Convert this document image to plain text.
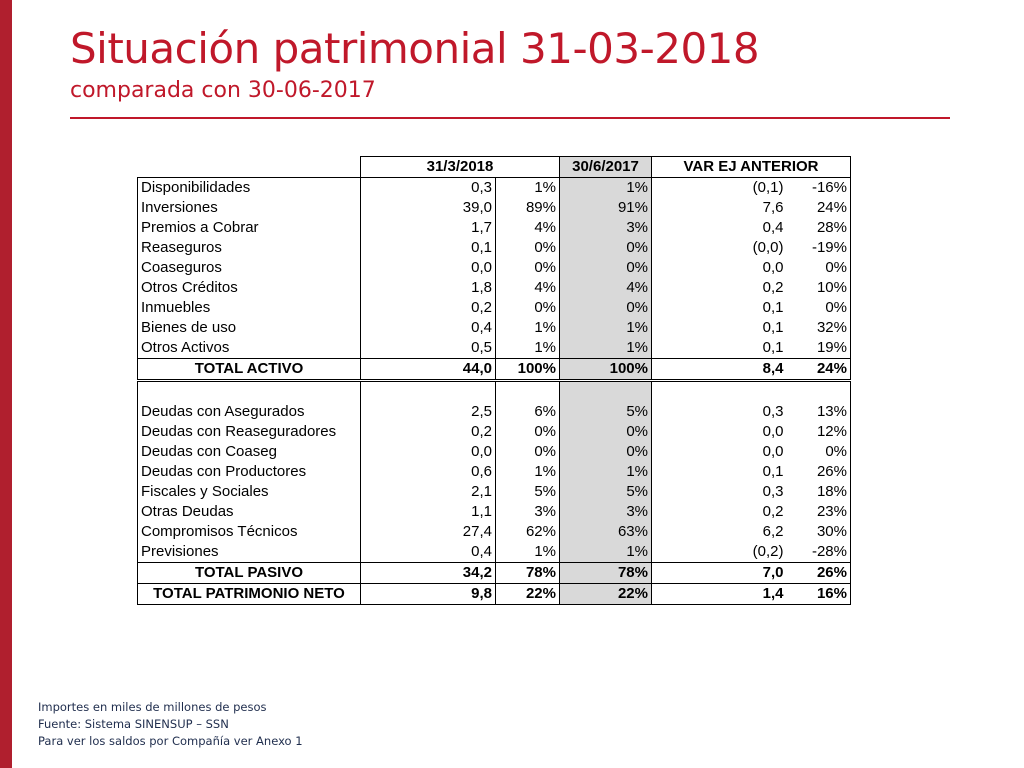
Situación patrimonial 31-03-2018
comparada con 30-06-2017
	31/3/2018		30/6/2017	VAR EJ ANTERIOR	
Disponibilidades	0,3	1%	1%	(0,1)	-16%
Inversiones	39,0	89%	91%	7,6	24%
Premios a Cobrar	1,7	4%	3%	0,4	28%
Reaseguros	0,1	0%	0%	(0,0)	-19%
Coaseguros	0,0	0%	0%	0,0	0%
Otros Créditos	1,8	4%	4%	0,2	10%
Inmuebles	0,2	0%	0%	0,1	0%
Bienes de uso	0,4	1%	1%	0,1	32%
Otros Activos	0,5	1%	1%	0,1	19%
TOTAL ACTIVO	44,0	100%	100%	8,4	24%

Deudas con Asegurados	2,5	6%	5%	0,3	13%
Deudas con Reaseguradores	0,2	0%	0%	0,0	12%
Deudas con Coaseg	0,0	0%	0%	0,0	0%
Deudas con Productores	0,6	1%	1%	0,1	26%
Fiscales y Sociales	2,1	5%	5%	0,3	18%
Otras Deudas	1,1	3%	3%	0,2	23%
Compromisos Técnicos	27,4	62%	63%	6,2	30%
Previsiones	0,4	1%	1%	(0,2)	-28%
TOTAL PASIVO	34,2	78%	78%	7,0	26%
TOTAL PATRIMONIO NETO	9,8	22%	22%	1,4	16%
Importes en miles de millones de pesos
Fuente: Sistema SINENSUP – SSN
Para ver los saldos por Compañía ver Anexo 1
